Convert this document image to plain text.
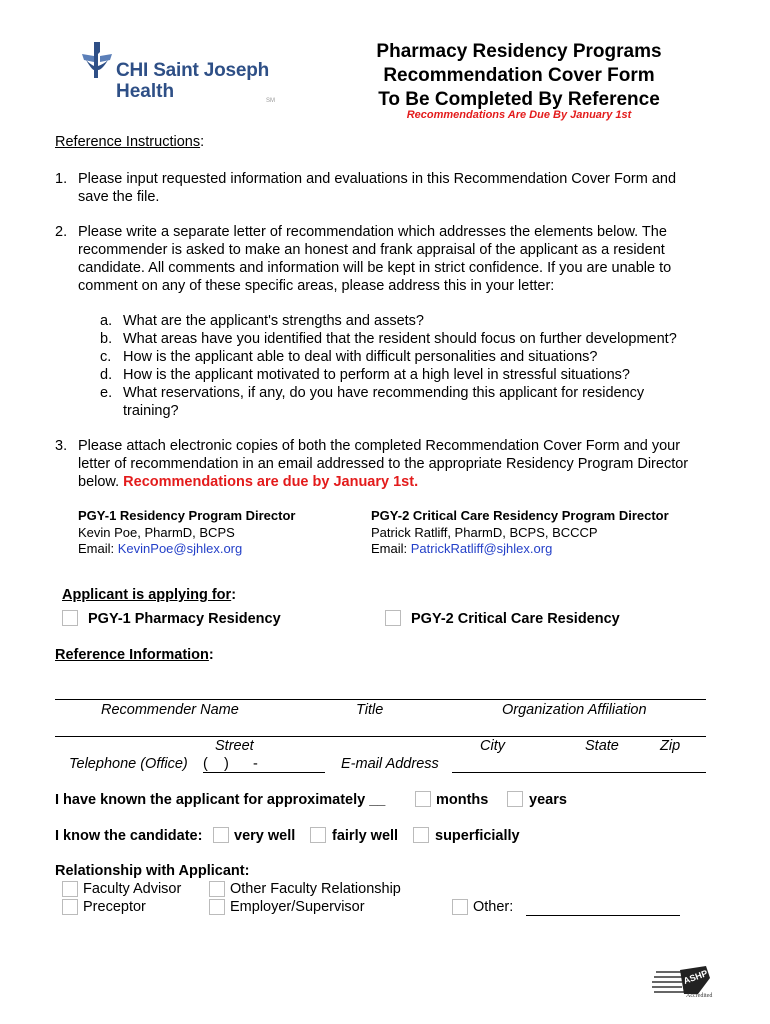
CHI Saint Joseph
Health	SM
Pharmacy Residency Programs
Recommendation Cover Form
To Be Completed By Reference
Recommendations Are Due By January 1st
Reference Instructions:
1. Please input requested information and evaluations in this Recommendation Cover Form and
save the file.
2. Please write a separate letter of recommendation which addresses the elements below. The
recommender is asked to make an honest and frank appraisal of the applicant as a resident
candidate. All comments and information will be kept in strict confidence. If you are unable to
comment on any of these specific areas, please address this in your letter:
a. What are the applicant's strengths and assets?
b. What areas have you identified that the resident should focus on further development?
c. How is the applicant able to deal with difficult personalities and situations?
d. How is the applicant motivated to perform at a high level in stressful situations?
e. What reservations, if any, do you have recommending this applicant for residency
training?
3. Please attach electronic copies of both the completed Recommendation Cover Form and your
letter of recommendation in an email addressed to the appropriate Residency Program Director
below. Recommendations are due by January 1st.
PGY-1 Residency Program Director
Kevin Poe, PharmD, BCPS
Email: KevinPoe@sjhlex.org
PGY-2 Critical Care Residency Program Director
Patrick Ratliff, PharmD, BCPS, BCCCP
Email: PatrickRatliff@sjhlex.org
Applicant is applying for:
PGY-1 Pharmacy Residency	PGY-2 Critical Care Residency
Reference Information:
Recommender Name	Title	Organization Affiliation
Street	City	State	Zip
Telephone (Office) (    )      -	E-mail Address
I have known the applicant for approximately __	months	years
I know the candidate: very well	fairly well	superficially
Relationship with Applicant:
Faculty Advisor	Other Faculty Relationship
Preceptor	Employer/Supervisor	Other:
ASHP
Accredited
